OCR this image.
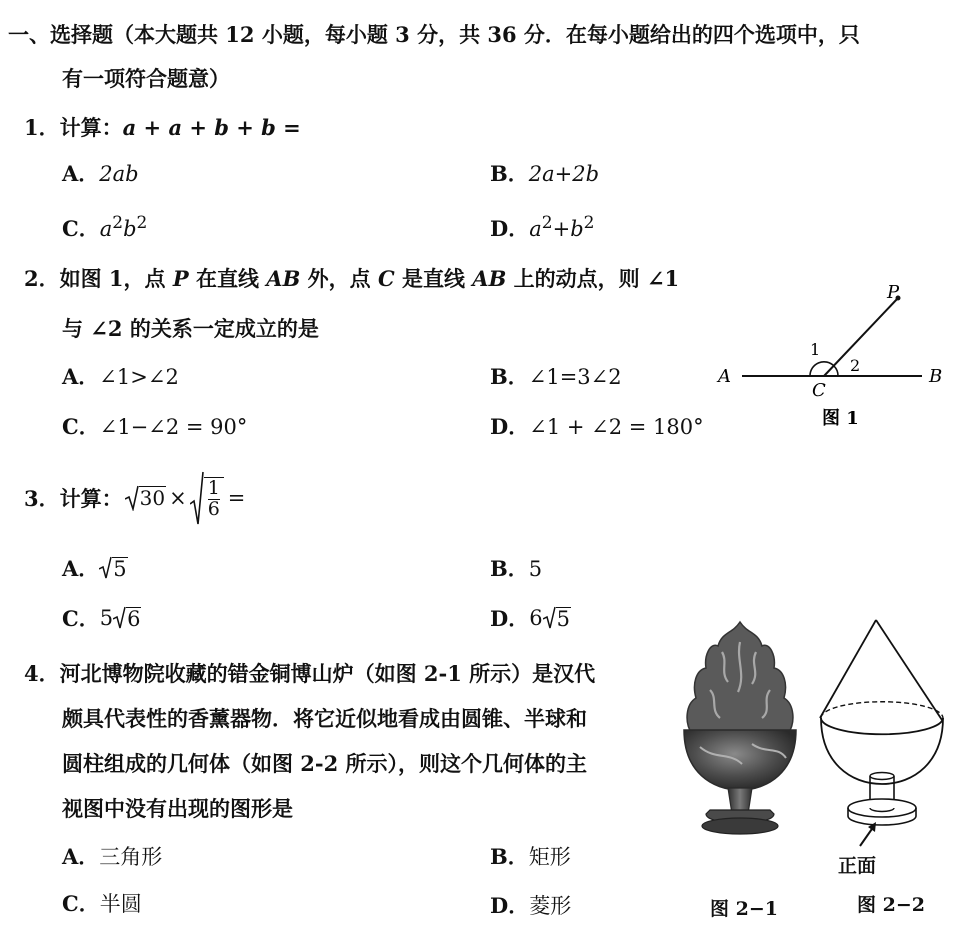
一、选择题（本大题共 12 小题，每小题 3 分，共 36 分．在每小题给出的四个选项中，只
有一项符合题意）
1．计算：a + a + b + b =
A．2ab	B．2a+2b
C．$a^2b^2$	D．$a^2+b^2$
2．如图 1，点 P 在直线 AB 外，点 C 是直线 AB 上的动点，则 ∠1
与 ∠2 的关系一定成立的是
A．∠1>∠2	B．∠1=3∠2
C．∠1−∠2 = 90°	D．∠1 + ∠2 = 180°
P
A	B
C
1
2
图 1
3．计算： $30 \times \frac{1}{6}$ =
A． 5	B．5
C． 5 6	D． 6 5
4．河北博物院收藏的错金铜博山炉（如图 2-1 所示）是汉代
颇具代表性的香薰器物．将它近似地看成由圆锥、半球和
圆柱组成的几何体（如图 2-2 所示），则这个几何体的主
视图中没有出现的图形是
A．三角形	B．矩形
C．半圆	D．菱形	图 2−1
正面
图 2−2
